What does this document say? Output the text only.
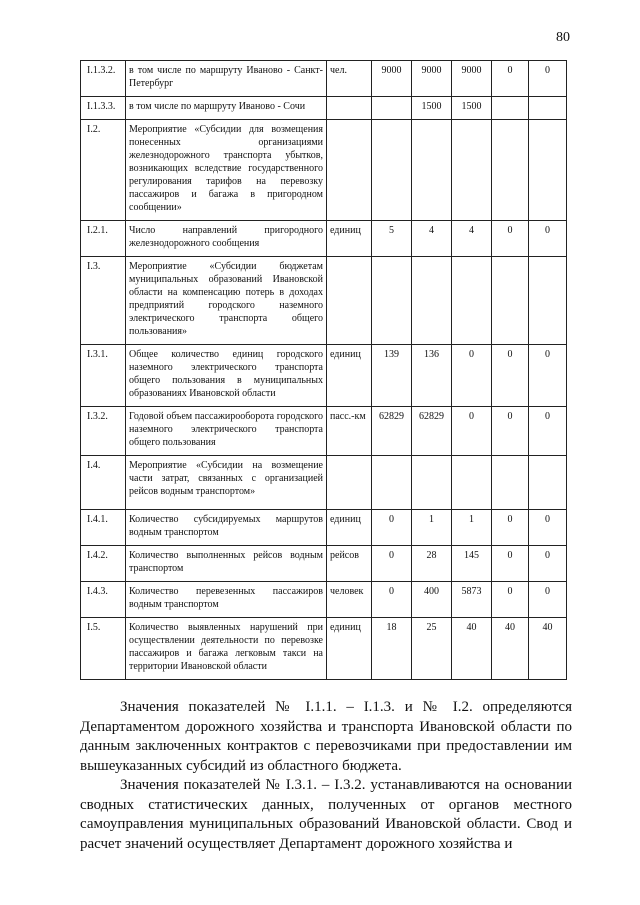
80
I.1.3.2.	в том числе по маршруту Иваново - Санкт-Петербург	чел.	9000	9000	9000	0	0
I.1.3.3.	в том числе по маршруту Иваново - Сочи			1500	1500		
I.2.	Мероприятие «Субсидии для возмещения понесенных организациями железнодорожного транспорта убытков, возникающих вследствие государственного регулирования тарифов на перевозку пассажиров и багажа в пригородном сообщении»						
I.2.1.	Число направлений пригородного железнодорожного сообщения	единиц	5	4	4	0	0
I.3.	Мероприятие «Субсидии бюджетам муниципальных образований Ивановской области на компенсацию потерь в доходах предприятий городского наземного электрического транспорта общего пользования»						
I.3.1.	Общее количество единиц городского наземного электрического транспорта общего пользования в муниципальных образованиях Ивановской области	единиц	139	136	0	0	0
I.3.2.	Годовой объем пассажирооборота городского наземного электрического транспорта общего пользования	пасс.-км	62829	62829	0	0	0
I.4.	Мероприятие «Субсидии на возмещение части затрат, связанных с организацией рейсов водным транспортом»						
I.4.1.	Количество субсидируемых маршрутов водным транспортом	единиц	0	1	1	0	0
I.4.2.	Количество выполненных рейсов водным транспортом	рейсов	0	28	145	0	0
I.4.3.	Количество перевезенных пассажиров водным транспортом	человек	0	400	5873	0	0
I.5.	Количество выявленных нарушений при осуществлении деятельности по перевозке пассажиров и багажа легковым такси на территории Ивановской области	единиц	18	25	40	40	40

Значения показателей № I.1.1. – I.1.3. и № I.2. определяются Департаментом дорожного хозяйства и транспорта Ивановской области по данным заключенных контрактов с перевозчиками при предоставлении им вышеуказанных субсидий из областного бюджета.

Значения показателей № I.3.1. – I.3.2. устанавливаются на основании сводных статистических данных, полученных от органов местного самоуправления муниципальных образований Ивановской области. Свод и расчет значений осуществляет Департамент дорожного хозяйства и
